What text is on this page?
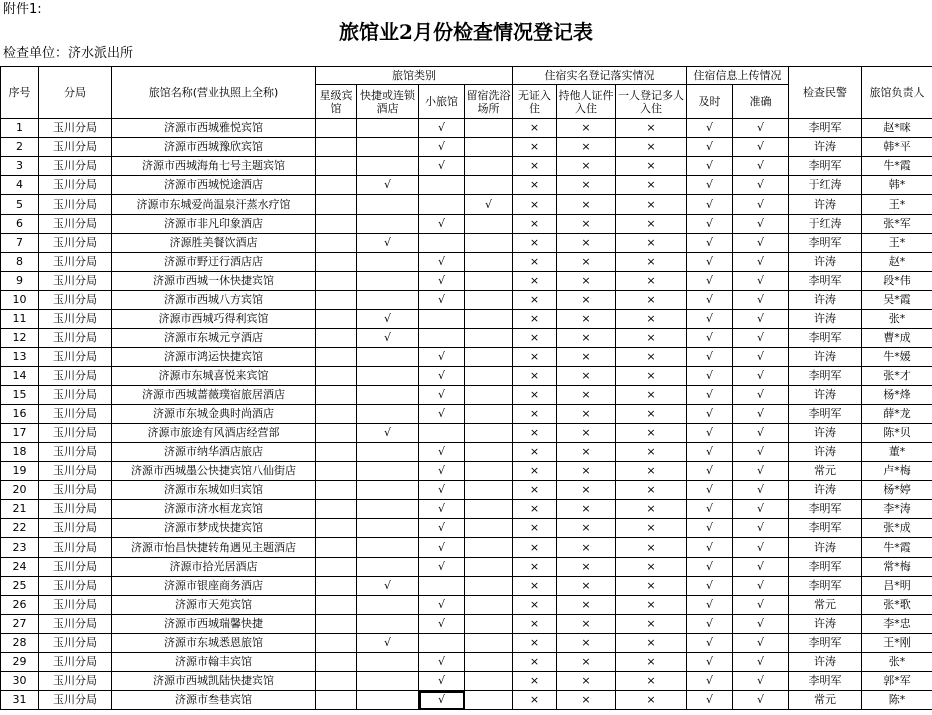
附件1:
旅馆业2月份检查情况登记表
检查单位：济水派出所
序号	分局	旅馆名称(营业执照上全称)	旅馆类别				住宿实名登记落实情况			住宿信息上传情况		检查民警	旅馆负责人
			星级宾馆	快捷或连锁酒店	小旅馆	留宿洗浴场所	无证入住	持他人证件入住	一人登记多人入住	及时	准确		
1	玉川分局	济源市西城雅悦宾馆			√		×	×	×	√	√	李明军	赵*咪
2	玉川分局	济源市西城豫欣宾馆			√		×	×	×	√	√	许涛	韩*平
3	玉川分局	济源市西城海角七号主题宾馆			√		×	×	×	√	√	李明军	牛*霞
4	玉川分局	济源市西城悦途酒店		√			×	×	×	√	√	于红涛	韩*
5	玉川分局	济源市东城爱尚温泉汗蒸水疗馆				√	×	×	×	√	√	许涛	王*
6	玉川分局	济源市非凡印象酒店			√		×	×	×	√	√	于红涛	张*军
7	玉川分局	济源胜美餐饮酒店		√			×	×	×	√	√	李明军	王*
8	玉川分局	济源市野迂行酒店店			√		×	×	×	√	√	许涛	赵*
9	玉川分局	济源市西城一休快捷宾馆			√		×	×	×	√	√	李明军	段*伟
10	玉川分局	济源市西城八方宾馆			√		×	×	×	√	√	许涛	吴*霞
11	玉川分局	济源市西城巧得利宾馆		√			×	×	×	√	√	许涛	张*
12	玉川分局	济源市东城元亨酒店		√			×	×	×	√	√	李明军	曹*成
13	玉川分局	济源市鸿运快捷宾馆			√		×	×	×	√	√	许涛	牛*媛
14	玉川分局	济源市东城喜悦来宾馆			√		×	×	×	√	√	李明军	张*才
15	玉川分局	济源市西城蔷薇璞宿旅居酒店			√		×	×	×	√	√	许涛	杨*烽
16	玉川分局	济源市东城金典时尚酒店			√		×	×	×	√	√	李明军	薛*龙
17	玉川分局	济源市旅途有风酒店经营部		√			×	×	×	√	√	许涛	陈*贝
18	玉川分局	济源市纳华酒店旅店			√		×	×	×	√	√	许涛	董*
19	玉川分局	济源市西城墨公快捷宾馆八仙街店			√		×	×	×	√	√	常元	卢*梅
20	玉川分局	济源市东城如归宾馆			√		×	×	×	√	√	许涛	杨*婷
21	玉川分局	济源市济水桓龙宾馆			√		×	×	×	√	√	李明军	李*涛
22	玉川分局	济源市梦成快捷宾馆			√		×	×	×	√	√	李明军	张*成
23	玉川分局	济源市怡昌快捷转角遇见主题酒店			√		×	×	×	√	√	许涛	牛*霞
24	玉川分局	济源市拾光居酒店			√		×	×	×	√	√	李明军	常*梅
25	玉川分局	济源市银座商务酒店		√			×	×	×	√	√	李明军	吕*明
26	玉川分局	济源市天苑宾馆			√		×	×	×	√	√	常元	张*歌
27	玉川分局	济源市西城瑞馨快捷			√		×	×	×	√	√	许涛	李*忠
28	玉川分局	济源市东城悉恩旅馆		√			×	×	×	√	√	李明军	王*刚
29	玉川分局	济源市翰丰宾馆			√		×	×	×	√	√	许涛	张*
30	玉川分局	济源市西城凯陆快捷宾馆			√		×	×	×	√	√	李明军	郭*军
31	玉川分局	济源市叁巷宾馆			√		×	×	×	√	√	常元	陈*
